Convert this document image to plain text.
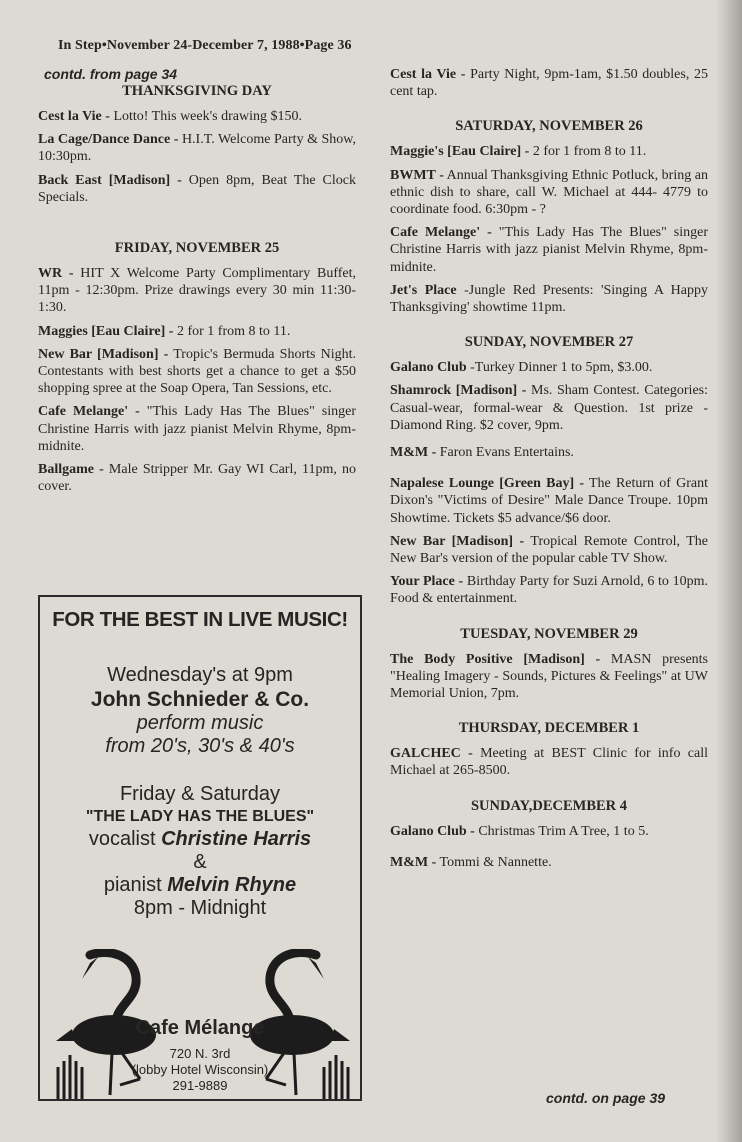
In Step•November 24-December 7, 1988•Page 36
contd. from page 34
THANKSGIVING DAY

Cest la Vie - Lotto! This week's drawing $150.

La Cage/Dance Dance - H.I.T. Welcome Party & Show, 10:30pm.

Back East [Madison] - Open 8pm, Beat The Clock Specials.

FRIDAY, NOVEMBER 25

WR - HIT X Welcome Party Complimentary Buffet, 11pm - 12:30pm. Prize drawings every 30 min 11:30- 1:30.

Maggies [Eau Claire] - 2 for 1 from 8 to 11.

New Bar [Madison] - Tropic's Bermuda Shorts Night. Contestants with best shorts get a chance to get a $50 shopping spree at the Soap Opera, Tan Sessions, etc.

Cafe Melange' - "This Lady Has The Blues" singer Christine Harris with jazz pianist Melvin Rhyme, 8pm-midnite.

Ballgame - Male Stripper Mr. Gay WI Carl, 11pm, no cover.

FOR THE BEST IN LIVE MUSIC!
Wednesday's at 9pm
John Schnieder & Co.
perform music
from 20's, 30's & 40's
Friday & Saturday
"THE LADY HAS THE BLUES"
vocalist Christine Harris
&
pianist Melvin Rhyne
8pm - Midnight
Cafe Mélange
720 N. 3rd
(lobby Hotel Wisconsin)
291-9889

Cest la Vie - Party Night, 9pm-1am, $1.50 doubles, 25 cent tap.

SATURDAY, NOVEMBER 26

Maggie's [Eau Claire] - 2 for 1 from 8 to 11.

BWMT - Annual Thanksgiving Ethnic Potluck, bring an ethnic dish to share, call W. Michael at 444- 4779 to coordinate food. 6:30pm - ?

Cafe Melange' - "This Lady Has The Blues" singer Christine Harris with jazz pianist Melvin Rhyme, 8pm- midnite.

Jet's Place -Jungle Red Presents: 'Singing A Happy Thanksgiving' showtime 11pm.

SUNDAY, NOVEMBER 27

Galano Club -Turkey Dinner 1 to 5pm, $3.00.

Shamrock [Madison] - Ms. Sham Contest. Categories: Casual-wear, formal-wear & Question. 1st prize - Diamond Ring. $2 cover, 9pm.

M&M - Faron Evans Entertains.

Napalese Lounge [Green Bay] - The Return of Grant Dixon's "Victims of Desire" Male Dance Troupe. 10pm Showtime. Tickets $5 advance/$6 door.

New Bar [Madison] - Tropical Remote Control, The New Bar's version of the popular cable TV Show.

Your Place - Birthday Party for Suzi Arnold, 6 to 10pm. Food & entertainment.

TUESDAY, NOVEMBER 29

The Body Positive [Madison] - MASN presents "Healing Imagery - Sounds, Pictures & Feelings" at UW Memorial Union, 7pm.

THURSDAY, DECEMBER 1

GALCHEC - Meeting at BEST Clinic for info call Michael at 265-8500.

SUNDAY,DECEMBER 4

Galano Club - Christmas Trim A Tree, 1 to 5.

M&M - Tommi & Nannette.

contd. on page 39
